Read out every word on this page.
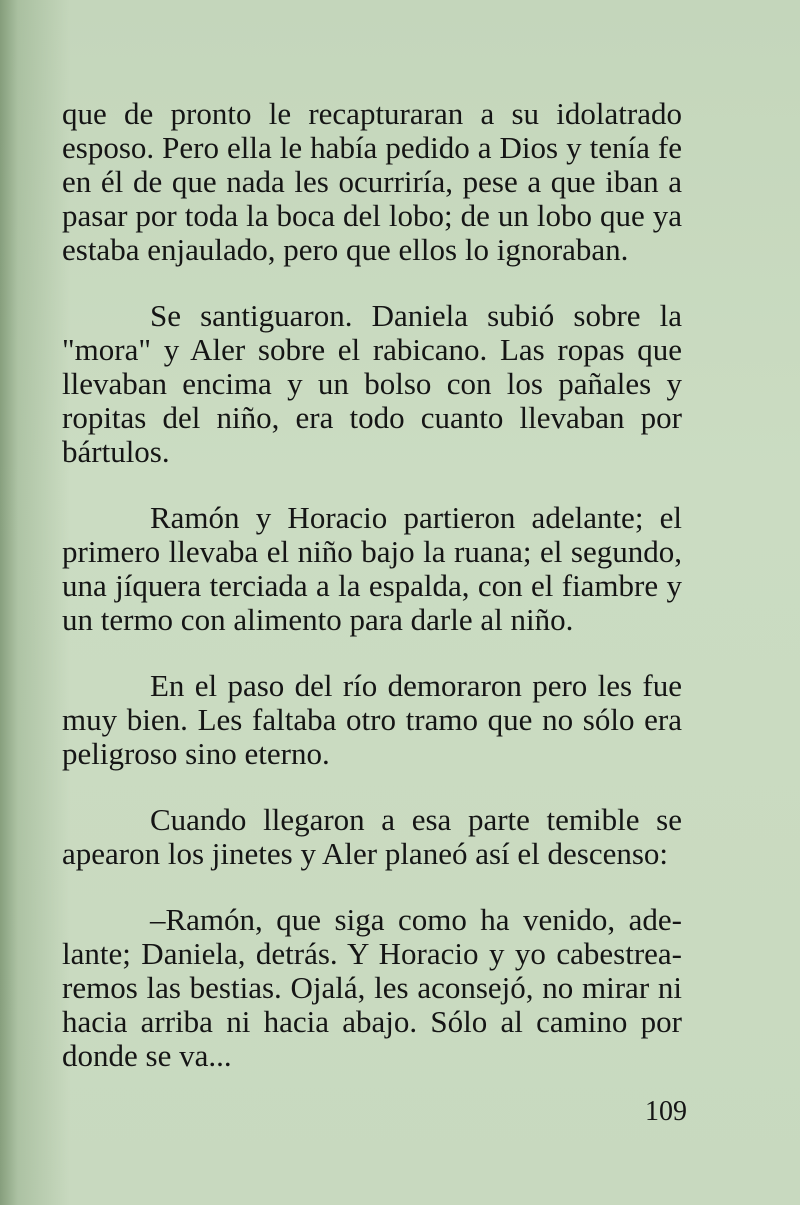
que de pronto le recapturaran a su idolatrado
esposo. Pero ella le había pedido a Dios y tenía fe
en él de que nada les ocurriría, pese a que iban a
pasar por toda la boca del lobo; de un lobo que ya
estaba enjaulado, pero que ellos lo ignoraban.
Se santiguaron. Daniela subió sobre la
"mora" y Aler sobre el rabicano. Las ropas que
llevaban encima y un bolso con los pañales y
ropitas del niño, era todo cuanto llevaban por
bártulos.
Ramón y Horacio partieron adelante; el
primero llevaba el niño bajo la ruana; el segundo,
una jíquera terciada a la espalda, con el fiambre y
un termo con alimento para darle al niño.
En el paso del río demoraron pero les fue
muy bien. Les faltaba otro tramo que no sólo era
peligroso sino eterno.
Cuando llegaron a esa parte temible se
apearon los jinetes y Aler planeó así el descenso:
–Ramón, que siga como ha venido, ade-
lante; Daniela, detrás. Y Horacio y yo cabestrea-
remos las bestias. Ojalá, les aconsejó, no mirar ni
hacia arriba ni hacia abajo. Sólo al camino por
donde se va...
109
